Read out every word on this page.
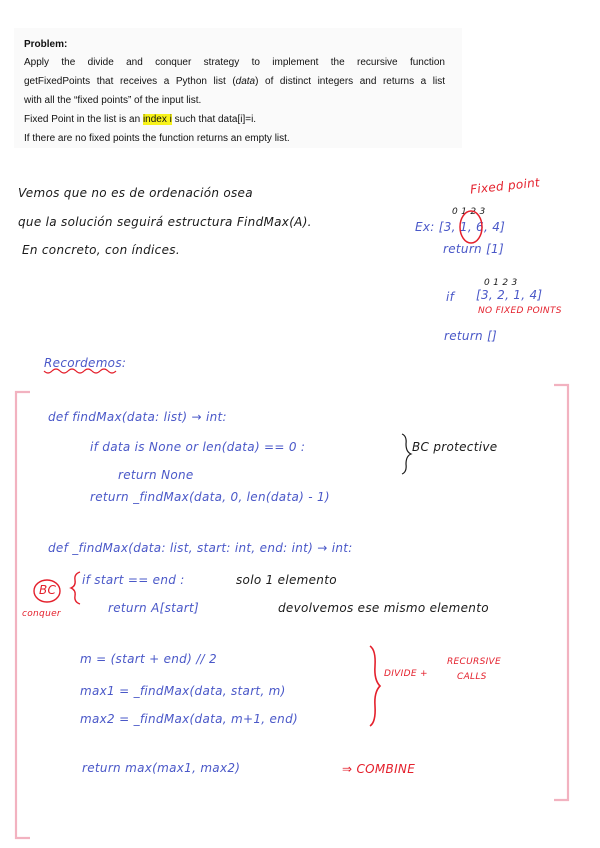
Problem:

Apply the divide and conquer strategy to implement the recursive function

getFixedPoints that receives a Python list (data) of distinct integers and returns a list

with all the “fixed points” of the input list.

Fixed Point in the list is an index i such that data[i]=i.

If there are no fixed points the function returns an empty list.

Vemos que no es de ordenación osea
que la solución seguirá estructura FindMax(A).
En concreto, con índices.
Fixed point
0 1 2 3
Ex: [3, 1, 6, 4]
return [1]
0 1 2 3
if [3, 2, 1, 4]
NO FIXED POINTS
return []
Recordemos:
def findMax(data: list) → int:
if data is None or len(data) == 0 :	BC protective
return None
return _findMax(data, 0, len(data) - 1)
def _findMax(data: list, start: int, end: int) → int:
if start == end :	solo 1 elemento
return A[start]	devolvemos ese mismo elemento
BC
conquer
m = (start + end) // 2
max1 = _findMax(data, start, m)
max2 = _findMax(data, m+1, end)
DIVIDE +
RECURSIVE
CALLS
return max(max1, max2)	⇒ COMBINE
